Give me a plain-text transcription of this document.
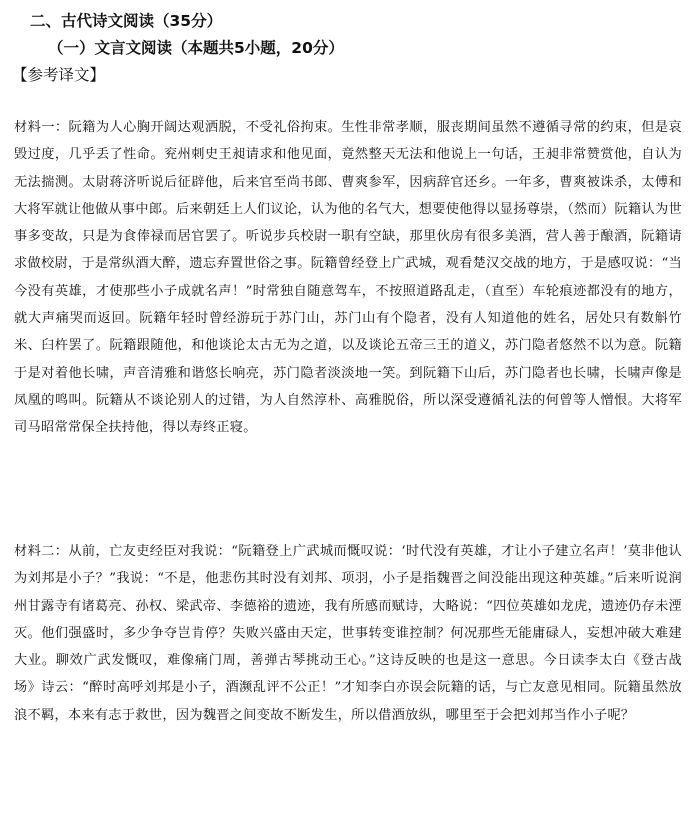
二、古代诗文阅读（35分）
（一）文言文阅读（本题共5小题，20分）
【参考译文】

材料一：阮籍为人心胸开阔达观洒脱，不受礼俗拘束。生性非常孝顺，服丧期间虽然不遵循寻常的约束，但是哀毁过度，几乎丢了性命。兖州刺史王昶请求和他见面，竟然整天无法和他说上一句话，王昶非常赞赏他，自认为无法揣测。太尉蒋济听说后征辟他，后来官至尚书郎、曹爽参军，因病辞官还乡。一年多，曹爽被诛杀，太傅和大将军就让他做从事中郎。后来朝廷上人们议论，认为他的名气大，想要使他得以显扬尊崇，（然而）阮籍认为世事多变故，只是为食俸禄而居官罢了。听说步兵校尉一职有空缺，那里伙房有很多美酒，营人善于酿酒，阮籍请求做校尉，于是常纵酒大醉，遗忘弃置世俗之事。阮籍曾经登上广武城，观看楚汉交战的地方，于是感叹说：“当今没有英雄，才使那些小子成就名声！”时常独自随意驾车，不按照道路乱走，（直至）车轮痕迹都没有的地方，就大声痛哭而返回。阮籍年轻时曾经游玩于苏门山，苏门山有个隐者，没有人知道他的姓名，居处只有数斛竹米、臼杵罢了。阮籍跟随他，和他谈论太古无为之道，以及谈论五帝三王的道义，苏门隐者悠然不以为意。阮籍于是对着他长啸，声音清雅和谐悠长响亮，苏门隐者淡淡地一笑。到阮籍下山后，苏门隐者也长啸，长啸声像是凤凰的鸣叫。阮籍从不谈论别人的过错，为人自然淳朴、高雅脱俗，所以深受遵循礼法的何曾等人憎恨。大将军司马昭常常保全扶持他，得以寿终正寝。

材料二：从前，亡友吏经臣对我说：“阮籍登上广武城而慨叹说：‘时代没有英雄，才让小子建立名声！’莫非他认为刘邦是小子？”我说：“不是，他悲伤其时没有刘邦、项羽，小子是指魏晋之间没能出现这种英雄。”后来听说润州甘露寺有诸葛亮、孙权、梁武帝、李德裕的遗迹，我有所感而赋诗，大略说：“四位英雄如龙虎，遗迹仍存未湮灭。他们强盛时，多少争夺岂肯停？失败兴盛由天定，世事转变谁控制？何况那些无能庸碌人，妄想冲破大难建大业。聊效广武发慨叹，难像痛门周，善弹古琴挑动王心。”这诗反映的也是这一意思。今日读李太白《登古战场》诗云：“醉时高呼刘邦是小子，酒濒乱评不公正！”才知李白亦误会阮籍的话，与亡友意见相同。阮籍虽然放浪不羁，本来有志于救世，因为魏晋之间变故不断发生，所以借酒放纵，哪里至于会把刘邦当作小子呢？
